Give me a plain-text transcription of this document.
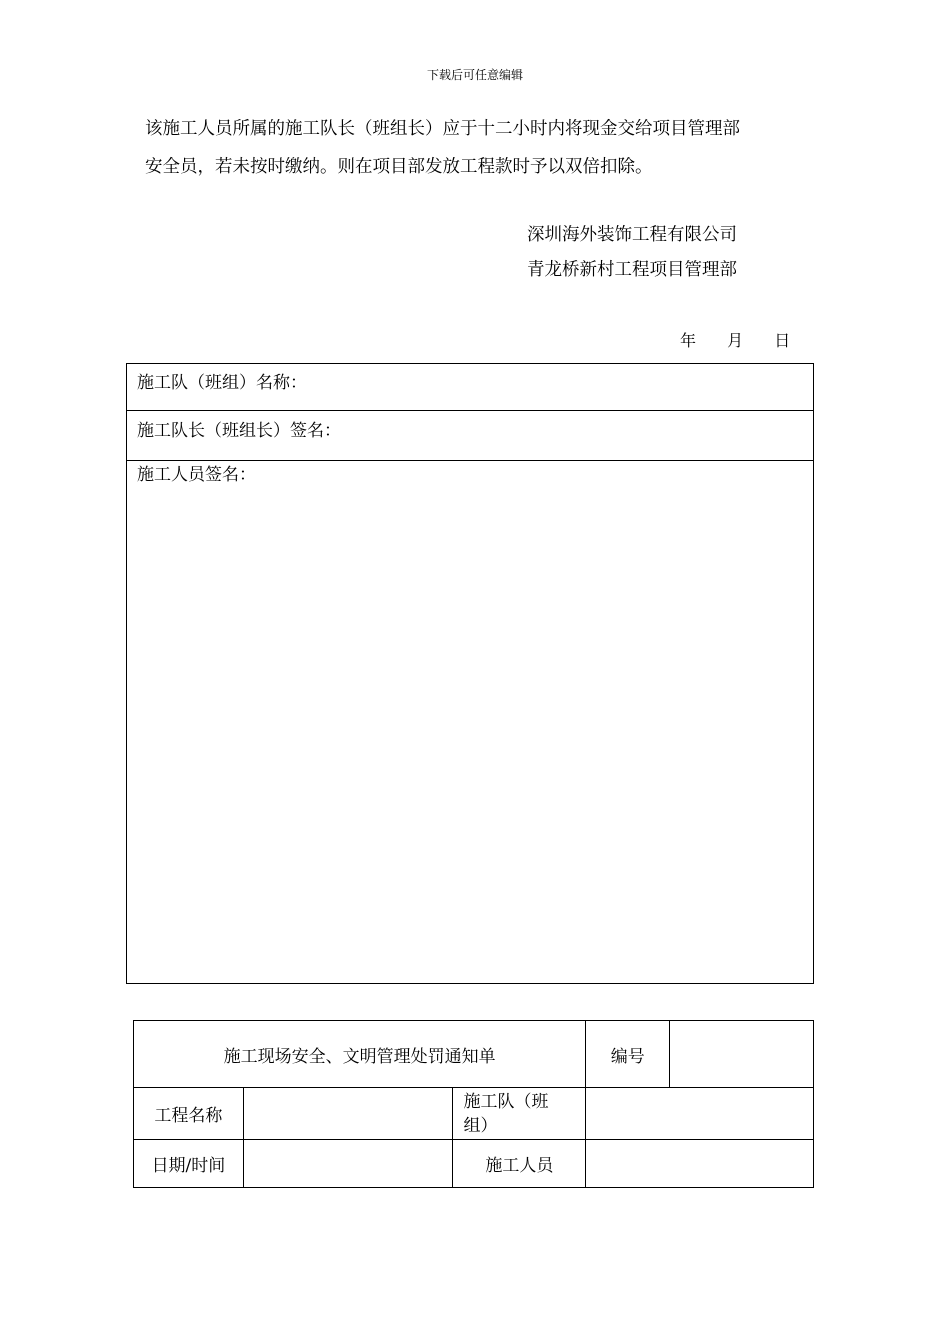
下载后可任意编辑

该施工人员所属的施工队长（班组长）应于十二小时内将现金交给项目管理部

安全员，若未按时缴纳。则在项目部发放工程款时予以双倍扣除。

深圳海外装饰工程有限公司
青龙桥新村工程项目管理部
年 月 日
施工队（班组）名称：
施工队长（班组长）签名：
施工人员签名：
施工现场安全、文明管理处罚通知单			编号	
工程名称		施工队（班
组）		

日期/时间		施工人员		
